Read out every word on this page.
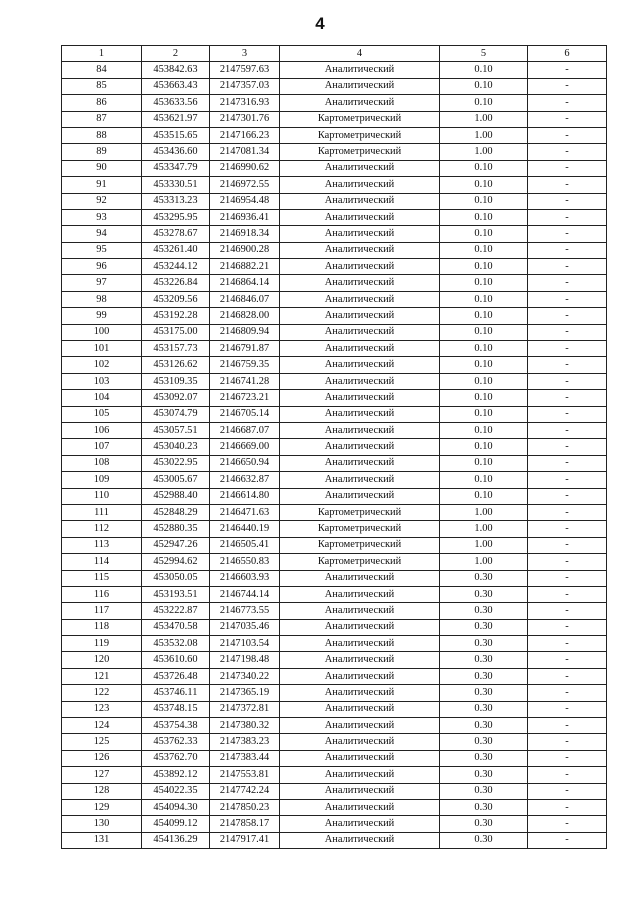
4
1	2	3	4	5	6
84	453842.63	2147597.63	Аналитический	0.10	-
85	453663.43	2147357.03	Аналитический	0.10	-
86	453633.56	2147316.93	Аналитический	0.10	-
87	453621.97	2147301.76	Картометрический	1.00	-
88	453515.65	2147166.23	Картометрический	1.00	-
89	453436.60	2147081.34	Картометрический	1.00	-
90	453347.79	2146990.62	Аналитический	0.10	-
91	453330.51	2146972.55	Аналитический	0.10	-
92	453313.23	2146954.48	Аналитический	0.10	-
93	453295.95	2146936.41	Аналитический	0.10	-
94	453278.67	2146918.34	Аналитический	0.10	-
95	453261.40	2146900.28	Аналитический	0.10	-
96	453244.12	2146882.21	Аналитический	0.10	-
97	453226.84	2146864.14	Аналитический	0.10	-
98	453209.56	2146846.07	Аналитический	0.10	-
99	453192.28	2146828.00	Аналитический	0.10	-
100	453175.00	2146809.94	Аналитический	0.10	-
101	453157.73	2146791.87	Аналитический	0.10	-
102	453126.62	2146759.35	Аналитический	0.10	-
103	453109.35	2146741.28	Аналитический	0.10	-
104	453092.07	2146723.21	Аналитический	0.10	-
105	453074.79	2146705.14	Аналитический	0.10	-
106	453057.51	2146687.07	Аналитический	0.10	-
107	453040.23	2146669.00	Аналитический	0.10	-
108	453022.95	2146650.94	Аналитический	0.10	-
109	453005.67	2146632.87	Аналитический	0.10	-
110	452988.40	2146614.80	Аналитический	0.10	-
111	452848.29	2146471.63	Картометрический	1.00	-
112	452880.35	2146440.19	Картометрический	1.00	-
113	452947.26	2146505.41	Картометрический	1.00	-
114	452994.62	2146550.83	Картометрический	1.00	-
115	453050.05	2146603.93	Аналитический	0.30	-
116	453193.51	2146744.14	Аналитический	0.30	-
117	453222.87	2146773.55	Аналитический	0.30	-
118	453470.58	2147035.46	Аналитический	0.30	-
119	453532.08	2147103.54	Аналитический	0.30	-
120	453610.60	2147198.48	Аналитический	0.30	-
121	453726.48	2147340.22	Аналитический	0.30	-
122	453746.11	2147365.19	Аналитический	0.30	-
123	453748.15	2147372.81	Аналитический	0.30	-
124	453754.38	2147380.32	Аналитический	0.30	-
125	453762.33	2147383.23	Аналитический	0.30	-
126	453762.70	2147383.44	Аналитический	0.30	-
127	453892.12	2147553.81	Аналитический	0.30	-
128	454022.35	2147742.24	Аналитический	0.30	-
129	454094.30	2147850.23	Аналитический	0.30	-
130	454099.12	2147858.17	Аналитический	0.30	-
131	454136.29	2147917.41	Аналитический	0.30	-
